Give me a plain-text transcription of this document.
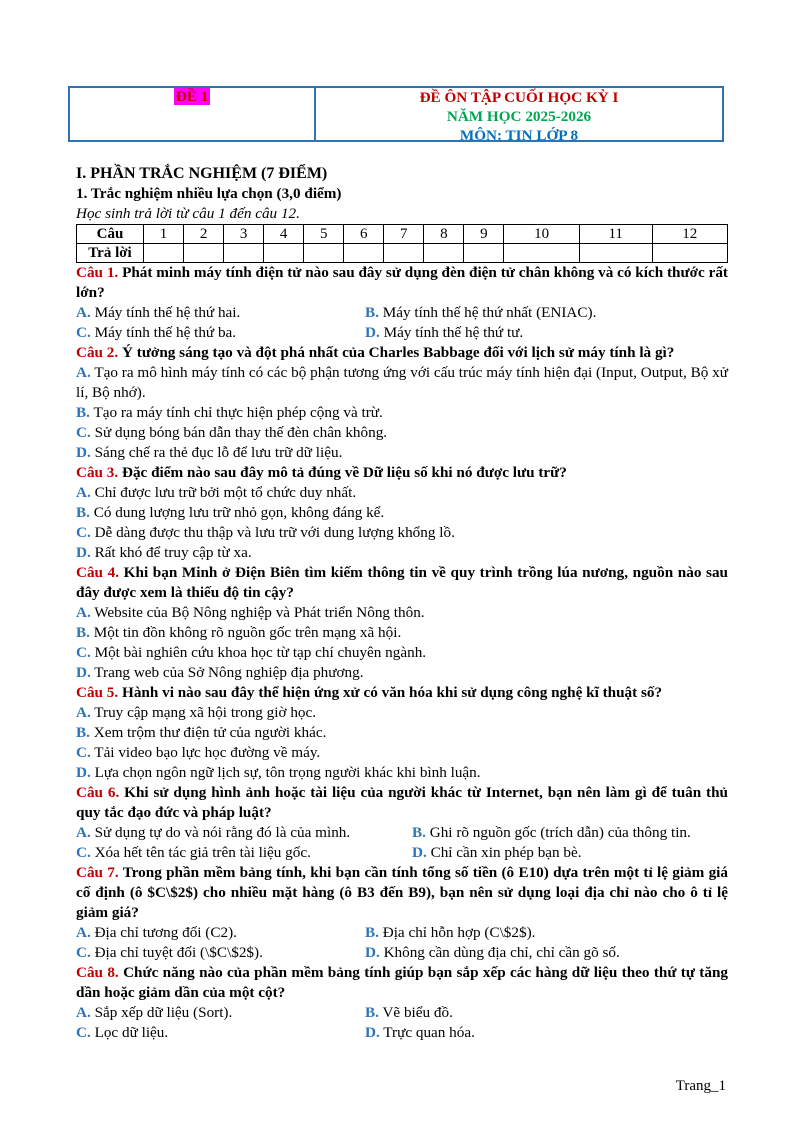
ĐỀ 1	ĐỀ ÔN TẬP CUỐI HỌC KỲ I
NĂM HỌC 2025-2026
MÔN: TIN LỚP 8
I. PHẦN TRẮC NGHIỆM (7 ĐIỂM)
1. Trắc nghiệm nhiều lựa chọn (3,0 điểm)
Học sinh trả lời từ câu 1 đến câu 12.
Câu	1	2	3	4	5	6	7	8	9	10	11	12
Trả lời												
Câu 1. Phát minh máy tính điện tử nào sau đây sử dụng đèn điện tử chân không và có kích thước rất lớn?
A. Máy tính thế hệ thứ hai.	B. Máy tính thế hệ thứ nhất (ENIAC).
C. Máy tính thế hệ thứ ba.	D. Máy tính thế hệ thứ tư.
Câu 2. Ý tưởng sáng tạo và đột phá nhất của Charles Babbage đối với lịch sử máy tính là gì?
A. Tạo ra mô hình máy tính có các bộ phận tương ứng với cấu trúc máy tính hiện đại (Input, Output, Bộ xử lí, Bộ nhớ).
B. Tạo ra máy tính chỉ thực hiện phép cộng và trừ.
C. Sử dụng bóng bán dẫn thay thế đèn chân không.
D. Sáng chế ra thẻ đục lỗ để lưu trữ dữ liệu.
Câu 3. Đặc điểm nào sau đây mô tả đúng về Dữ liệu số khi nó được lưu trữ?
A. Chỉ được lưu trữ bởi một tổ chức duy nhất.
B. Có dung lượng lưu trữ nhỏ gọn, không đáng kể.
C. Dễ dàng được thu thập và lưu trữ với dung lượng khổng lồ.
D. Rất khó để truy cập từ xa.
Câu 4. Khi bạn Minh ở Điện Biên tìm kiếm thông tin về quy trình trồng lúa nương, nguồn nào sau đây được xem là thiếu độ tin cậy?
A. Website của Bộ Nông nghiệp và Phát triển Nông thôn.
B. Một tin đồn không rõ nguồn gốc trên mạng xã hội.
C. Một bài nghiên cứu khoa học từ tạp chí chuyên ngành.
D. Trang web của Sở Nông nghiệp địa phương.
Câu 5. Hành vi nào sau đây thể hiện ứng xử có văn hóa khi sử dụng công nghệ kĩ thuật số?
A. Truy cập mạng xã hội trong giờ học.
B. Xem trộm thư điện tử của người khác.
C. Tải video bạo lực học đường về máy.
D. Lựa chọn ngôn ngữ lịch sự, tôn trọng người khác khi bình luận.
Câu 6. Khi sử dụng hình ảnh hoặc tài liệu của người khác từ Internet, bạn nên làm gì để tuân thủ quy tắc đạo đức và pháp luật?
A. Sử dụng tự do và nói rằng đó là của mình.	B. Ghi rõ nguồn gốc (trích dẫn) của thông tin.
C. Xóa hết tên tác giả trên tài liệu gốc.	D. Chỉ cần xin phép bạn bè.
Câu 7. Trong phần mềm bảng tính, khi bạn cần tính tổng số tiền (ô E10) dựa trên một tỉ lệ giảm giá cố định (ô $C\$2$) cho nhiều mặt hàng (ô B3 đến B9), bạn nên sử dụng loại địa chỉ nào cho ô tỉ lệ giảm giá?
A. Địa chỉ tương đối (C2).	B. Địa chỉ hỗn hợp (C\$2$).
C. Địa chỉ tuyệt đối (\$C\$2$).	D. Không cần dùng địa chỉ, chỉ cần gõ số.
Câu 8. Chức năng nào của phần mềm bảng tính giúp bạn sắp xếp các hàng dữ liệu theo thứ tự tăng dần hoặc giảm dần của một cột?
A. Sắp xếp dữ liệu (Sort).	B. Vẽ biểu đồ.
C. Lọc dữ liệu.	D. Trực quan hóa.
Trang_1
